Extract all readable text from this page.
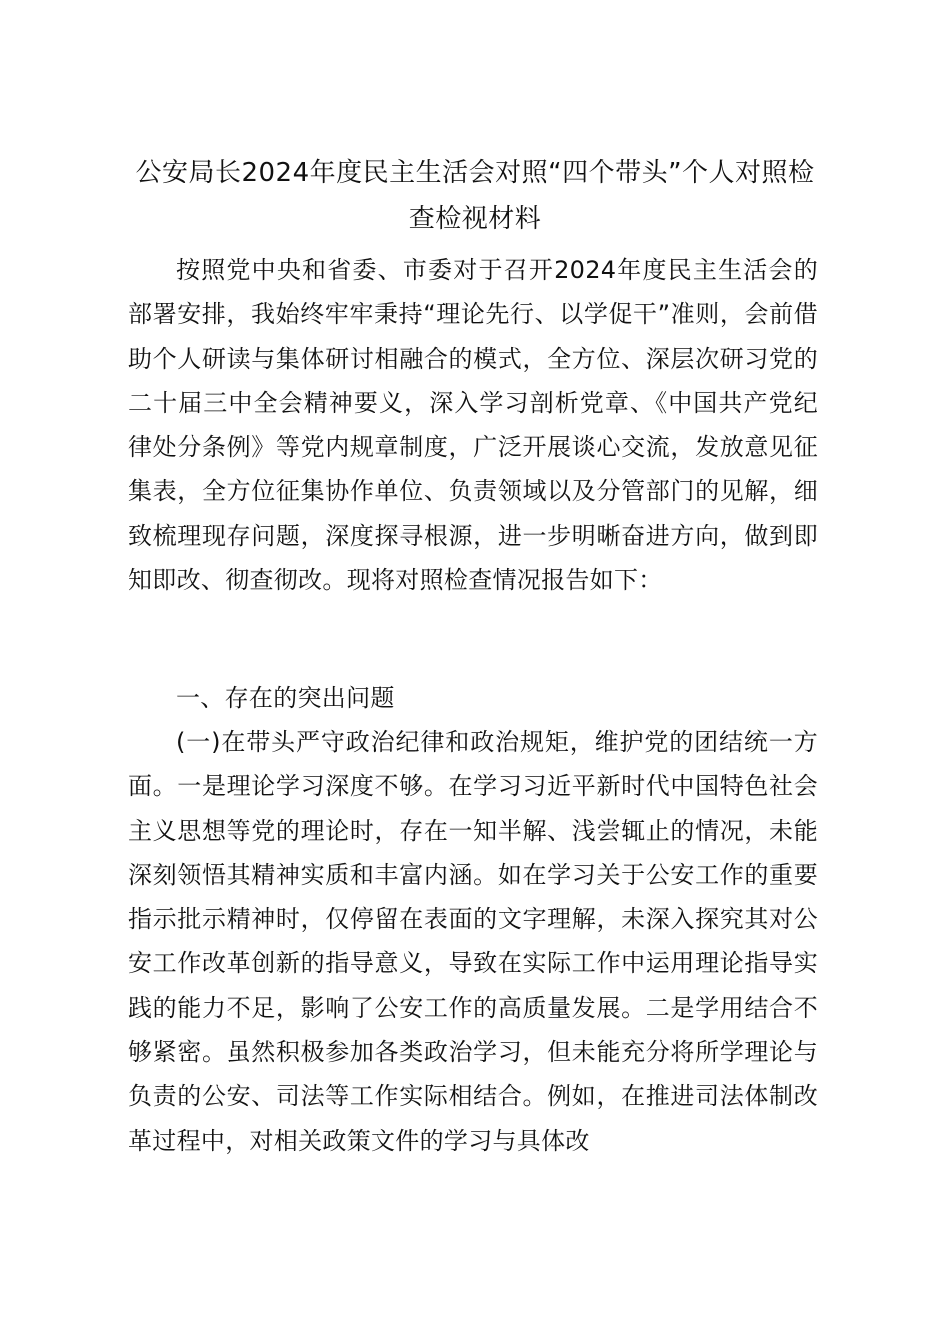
公安局长2024年度民主生活会对照“四个带头”个人对照检查检视材料
按照党中央和省委、市委对于召开2024年度民主生活会的部署安排，我始终牢牢秉持“理论先行、以学促干”准则，会前借助个人研读与集体研讨相融合的模式，全方位、深层次研习党的二十届三中全会精神要义，深入学习剖析党章、《中国共产党纪律处分条例》等党内规章制度，广泛开展谈心交流，发放意见征集表，全方位征集协作单位、负责领域以及分管部门的见解，细致梳理现存问题，深度探寻根源，进一步明晰奋进方向，做到即知即改、彻查彻改。现将对照检查情况报告如下：
一、存在的突出问题
(一)在带头严守政治纪律和政治规矩，维护党的团结统一方面。一是理论学习深度不够。在学习习近平新时代中国特色社会主义思想等党的理论时，存在一知半解、浅尝辄止的情况，未能深刻领悟其精神实质和丰富内涵。如在学习关于公安工作的重要指示批示精神时，仅停留在表面的文字理解，未深入探究其对公安工作改革创新的指导意义，导致在实际工作中运用理论指导实践的能力不足，影响了公安工作的高质量发展。二是学用结合不够紧密。虽然积极参加各类政治学习，但未能充分将所学理论与负责的公安、司法等工作实际相结合。例如，在推进司法体制改革过程中，对相关政策文件的学习与具体改
